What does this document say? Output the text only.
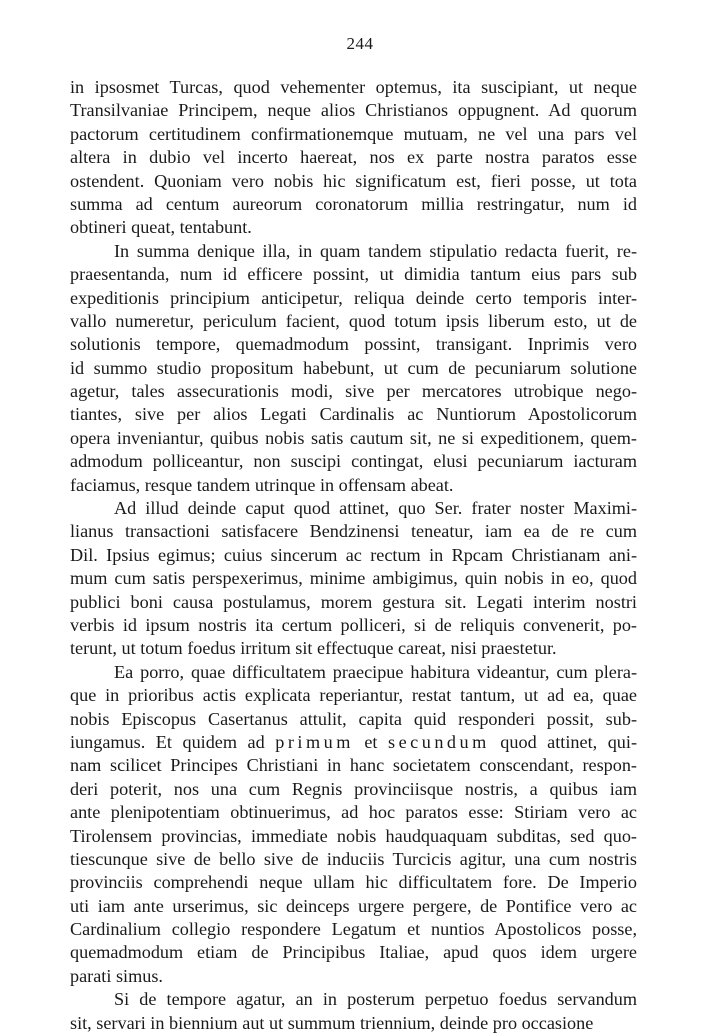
244
in ipsosmet Turcas, quod vehementer optemus, ita suscipiant, ut neque
Transilvaniae Principem, neque alios Christianos oppugnent. Ad quorum
pactorum certitudinem confirmationemque mutuam, ne vel una pars vel
altera in dubio vel incerto haereat, nos ex parte nostra paratos esse
ostendent. Quoniam vero nobis hic significatum est, fieri posse, ut tota
summa ad centum aureorum coronatorum millia restringatur, num id
obtineri queat, tentabunt.
In summa denique illa, in quam tandem stipulatio redacta fuerit, re-
praesentanda, num id efficere possint, ut dimidia tantum eius pars sub
expeditionis principium anticipetur, reliqua deinde certo temporis inter-
vallo numeretur, periculum facient, quod totum ipsis liberum esto, ut de
solutionis tempore, quemadmodum possint, transigant. Inprimis vero
id summo studio propositum habebunt, ut cum de pecuniarum solutione
agetur, tales assecurationis modi, sive per mercatores utrobique nego-
tiantes, sive per alios Legati Cardinalis ac Nuntiorum Apostolicorum
opera inveniantur, quibus nobis satis cautum sit, ne si expeditionem, quem-
admodum polliceantur, non suscipi contingat, elusi pecuniarum iacturam
faciamus, resque tandem utrinque in offensam abeat.
Ad illud deinde caput quod attinet, quo Ser. frater noster Maximi-
lianus transactioni satisfacere Bendzinensi teneatur, iam ea de re cum
Dil. Ipsius egimus; cuius sincerum ac rectum in Rpcam Christianam ani-
mum cum satis perspexerimus, minime ambigimus, quin nobis in eo, quod
publici boni causa postulamus, morem gestura sit. Legati interim nostri
verbis id ipsum nostris ita certum polliceri, si de reliquis convenerit, po-
terunt, ut totum foedus irritum sit effectuque careat, nisi praestetur.
Ea porro, quae difficultatem praecipue habitura videantur, cum plera-
que in prioribus actis explicata reperiantur, restat tantum, ut ad ea, quae
nobis Episcopus Casertanus attulit, capita quid responderi possit, sub-
iungamus. Et quidem ad primum et secundum quod attinet, qui-
nam scilicet Principes Christiani in hanc societatem conscendant, respon-
deri poterit, nos una cum Regnis provinciisque nostris, a quibus iam
ante plenipotentiam obtinuerimus, ad hoc paratos esse: Stiriam vero ac
Tirolensem provincias, immediate nobis haudquaquam subditas, sed quo-
tiescunque sive de bello sive de induciis Turcicis agitur, una cum nostris
provinciis comprehendi neque ullam hic difficultatem fore. De Imperio
uti iam ante urserimus, sic deinceps urgere pergere, de Pontifice vero ac
Cardinalium collegio respondere Legatum et nuntios Apostolicos posse,
quemadmodum etiam de Principibus Italiae, apud quos idem urgere
parati simus.
Si de tempore agatur, an in posterum perpetuo foedus servandum
sit, servari in biennium aut ut summum triennium, deinde pro occasione
